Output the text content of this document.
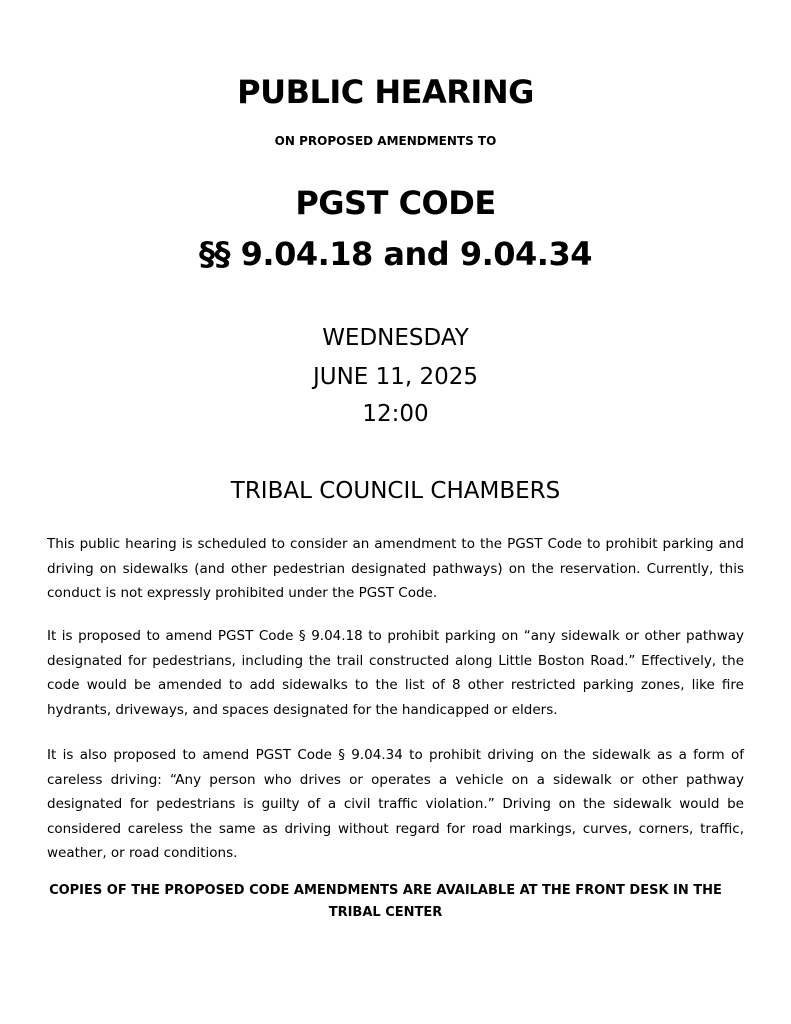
PUBLIC HEARING
ON PROPOSED AMENDMENTS TO
PGST CODE
§§ 9.04.18 and 9.04.34
WEDNESDAY
JUNE 11, 2025
12:00
TRIBAL COUNCIL CHAMBERS

This public hearing is scheduled to consider an amendment to the PGST Code to prohibit parking and driving on sidewalks (and other pedestrian designated pathways) on the reservation. Currently, this conduct is not expressly prohibited under the PGST Code.

It is proposed to amend PGST Code § 9.04.18 to prohibit parking on “any sidewalk or other pathway designated for pedestrians, including the trail constructed along Little Boston Road.” Effectively, the code would be amended to add sidewalks to the list of 8 other restricted parking zones, like fire hydrants, driveways, and spaces designated for the handicapped or elders.

It is also proposed to amend PGST Code § 9.04.34 to prohibit driving on the sidewalk as a form of careless driving: “Any person who drives or operates a vehicle on a sidewalk or other pathway designated for pedestrians is guilty of a civil traffic violation.” Driving on the sidewalk would be considered careless the same as driving without regard for road markings, curves, corners, traffic, weather, or road conditions.

COPIES OF THE PROPOSED CODE AMENDMENTS ARE AVAILABLE AT THE FRONT DESK IN THE
TRIBAL CENTER
